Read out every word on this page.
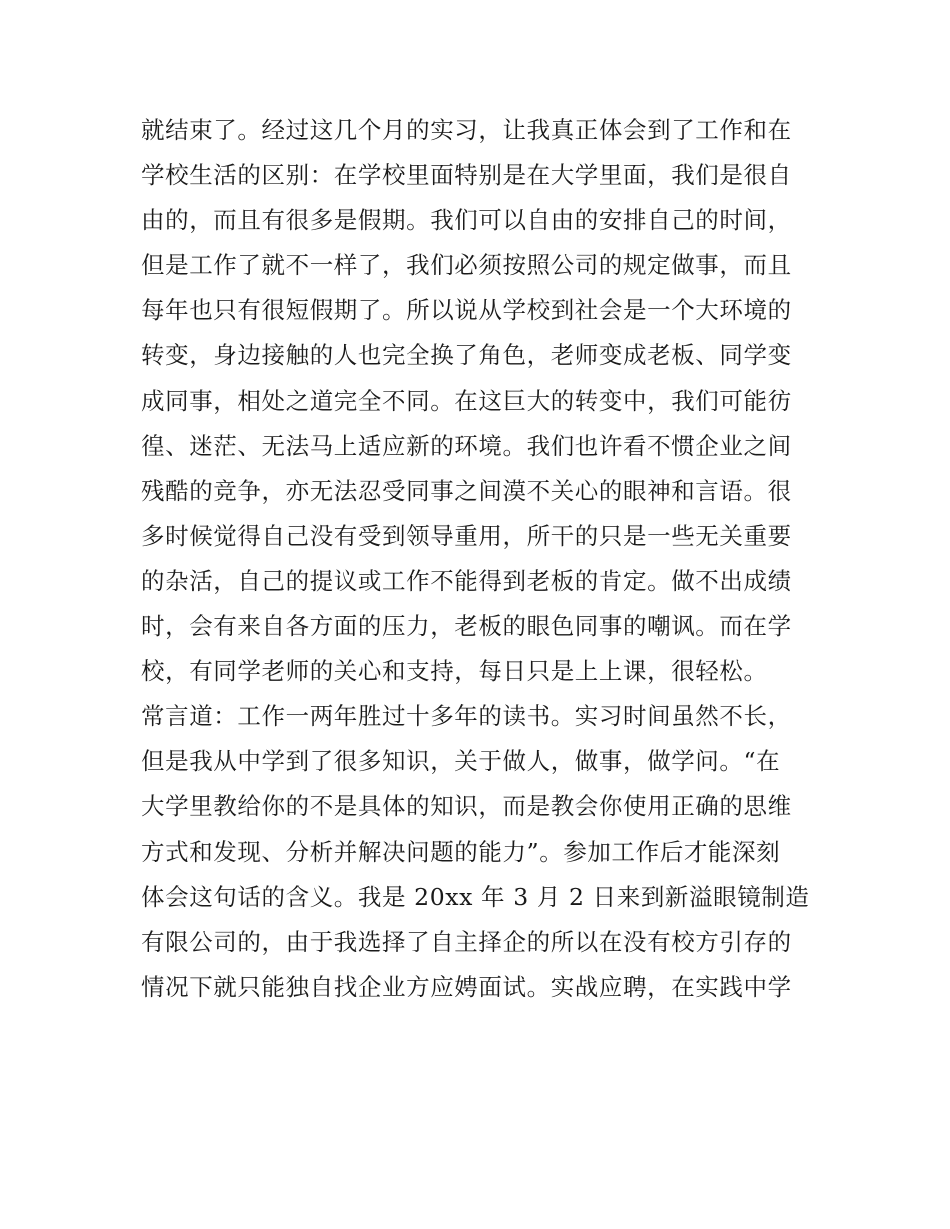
就结束了。经过这几个月的实习，让我真正体会到了工作和在
学校生活的区别：在学校里面特别是在大学里面，我们是很自
由的，而且有很多是假期。我们可以自由的安排自己的时间，
但是工作了就不一样了，我们必须按照公司的规定做事，而且
每年也只有很短假期了。所以说从学校到社会是一个大环境的
转变，身边接触的人也完全换了角色，老师变成老板、同学变
成同事，相处之道完全不同。在这巨大的转变中，我们可能彷
徨、迷茫、无法马上适应新的环境。我们也许看不惯企业之间
残酷的竞争，亦无法忍受同事之间漠不关心的眼神和言语。很
多时候觉得自己没有受到领导重用，所干的只是一些无关重要
的杂活，自己的提议或工作不能得到老板的肯定。做不出成绩
时，会有来自各方面的压力，老板的眼色同事的嘲讽。而在学
校，有同学老师的关心和支持，每日只是上上课，很轻松。
常言道：工作一两年胜过十多年的读书。实习时间虽然不长，
但是我从中学到了很多知识，关于做人，做事，做学问。“在
大学里教给你的不是具体的知识，而是教会你使用正确的思维
方式和发现、分析并解决问题的能力”。参加工作后才能深刻
体会这句话的含义。我是 20xx 年 3 月 2 日来到新溢眼镜制造
有限公司的，由于我选择了自主择企的所以在没有校方引存的
情况下就只能独自找企业方应娉面试。实战应聘，在实践中学
